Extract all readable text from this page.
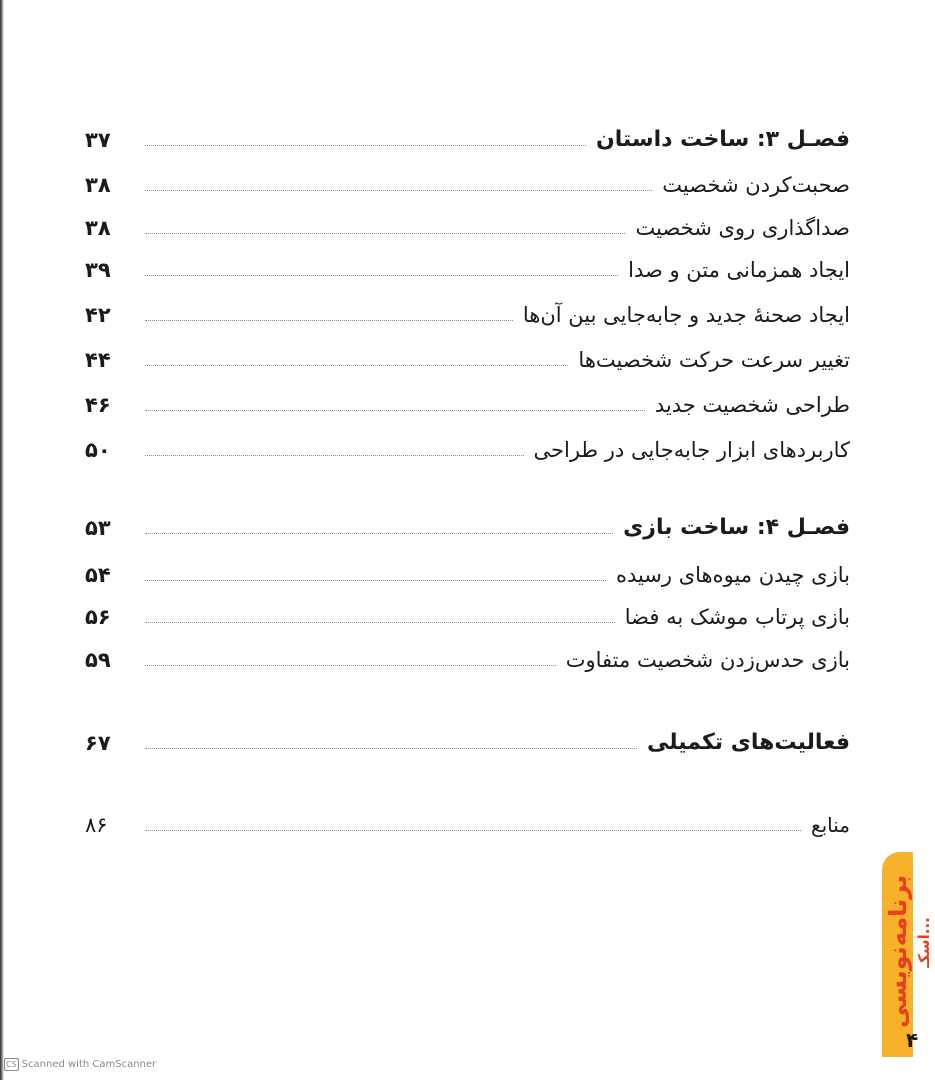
فصـل ۳: ساخت داستان
۳۷
صحبت‌کردن شخصیت
۳۸
صداگذاری روی شخصیت
۳۸
ایجاد همزمانی متن و صدا
۳۹
ایجاد صحنهٔ جدید و جابه‌جایی بین آن‌ها
۴۲
تغییر سرعت حرکت شخصیت‌ها
۴۴
طراحی شخصیت جدید
۴۶
کاربردهای ابزار جابه‌جایی در طراحی
۵۰
فصـل ۴: ساخت بازی
۵۳
بازی چیدن میوه‌های رسیده
۵۴
بازی پرتاب موشک به فضا
۵۶
بازی حدس‌زدن شخصیت متفاوت
۵۹
فعالیت‌های تکمیلی
۶۷
منابع
۸۶
برنامه‌نویسی اسکـ...
۴
CS Scanned with CamScanner
